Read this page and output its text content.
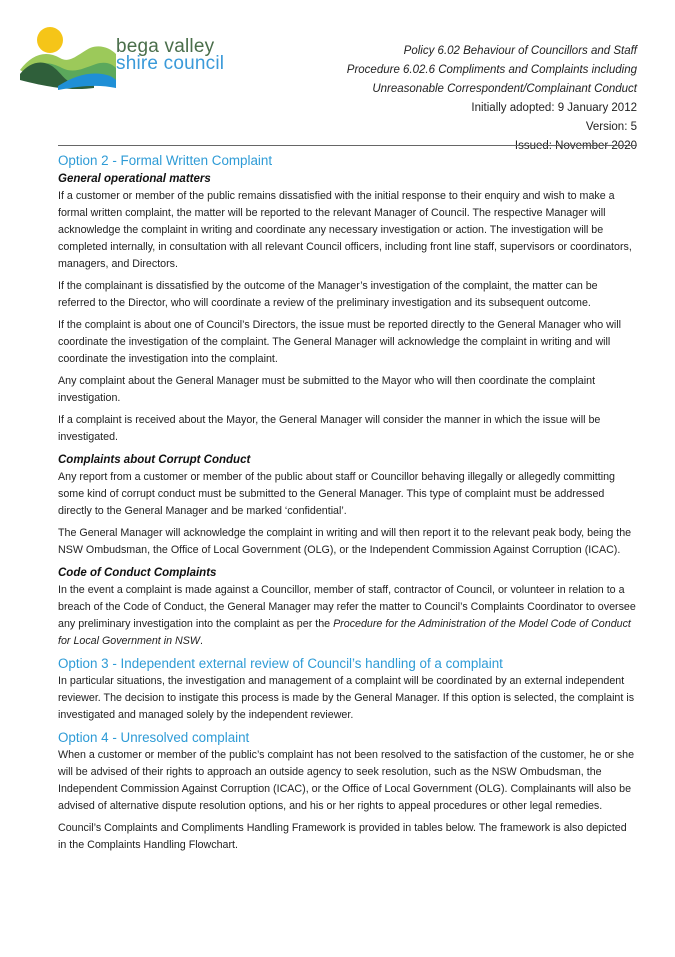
bega valley
shire council
Policy 6.02 Behaviour of Councillors and Staff
Procedure 6.02.6 Compliments and Complaints including
Unreasonable Correspondent/Complainant Conduct
Initially adopted: 9 January 2012
Version: 5
Issued: November 2020
Option 2 - Formal Written Complaint
General operational matters

If a customer or member of the public remains dissatisfied with the initial response to their enquiry and wish to make a formal written complaint, the matter will be reported to the relevant Manager of Council. The respective Manager will acknowledge the complaint in writing and coordinate any necessary investigation or action. The investigation will be completed internally, in consultation with all relevant Council officers, including front line staff, supervisors or coordinators, managers, and Directors.

If the complainant is dissatisfied by the outcome of the Manager’s investigation of the complaint, the matter can be referred to the Director, who will coordinate a review of the preliminary investigation and its subsequent outcome.

If the complaint is about one of Council’s Directors, the issue must be reported directly to the General Manager who will coordinate the investigation of the complaint. The General Manager will acknowledge the complaint in writing and will coordinate the investigation into the complaint.

Any complaint about the General Manager must be submitted to the Mayor who will then coordinate the complaint investigation.

If a complaint is received about the Mayor, the General Manager will consider the manner in which the issue will be investigated.

Complaints about Corrupt Conduct

Any report from a customer or member of the public about staff or Councillor behaving illegally or allegedly committing some kind of corrupt conduct must be submitted to the General Manager. This type of complaint must be addressed directly to the General Manager and be marked ‘confidential’.

The General Manager will acknowledge the complaint in writing and will then report it to the relevant peak body, being the NSW Ombudsman, the Office of Local Government (OLG), or the Independent Commission Against Corruption (ICAC).

Code of Conduct Complaints

In the event a complaint is made against a Councillor, member of staff, contractor of Council, or volunteer in relation to a breach of the Code of Conduct, the General Manager may refer the matter to Council’s Complaints Coordinator to oversee any preliminary investigation into the complaint as per the Procedure for the Administration of the Model Code of Conduct for Local Government in NSW.

Option 3 - Independent external review of Council’s handling of a complaint

In particular situations, the investigation and management of a complaint will be coordinated by an external independent reviewer. The decision to instigate this process is made by the General Manager. If this option is selected, the complaint is investigated and managed solely by the independent reviewer.

Option 4 - Unresolved complaint

When a customer or member of the public’s complaint has not been resolved to the satisfaction of the customer, he or she will be advised of their rights to approach an outside agency to seek resolution, such as the NSW Ombudsman, the Independent Commission Against Corruption (ICAC), or the Office of Local Government (OLG). Complainants will also be advised of alternative dispute resolution options, and his or her rights to appeal procedures or other legal remedies.

Council’s Complaints and Compliments Handling Framework is provided in tables below. The framework is also depicted in the Complaints Handling Flowchart.
